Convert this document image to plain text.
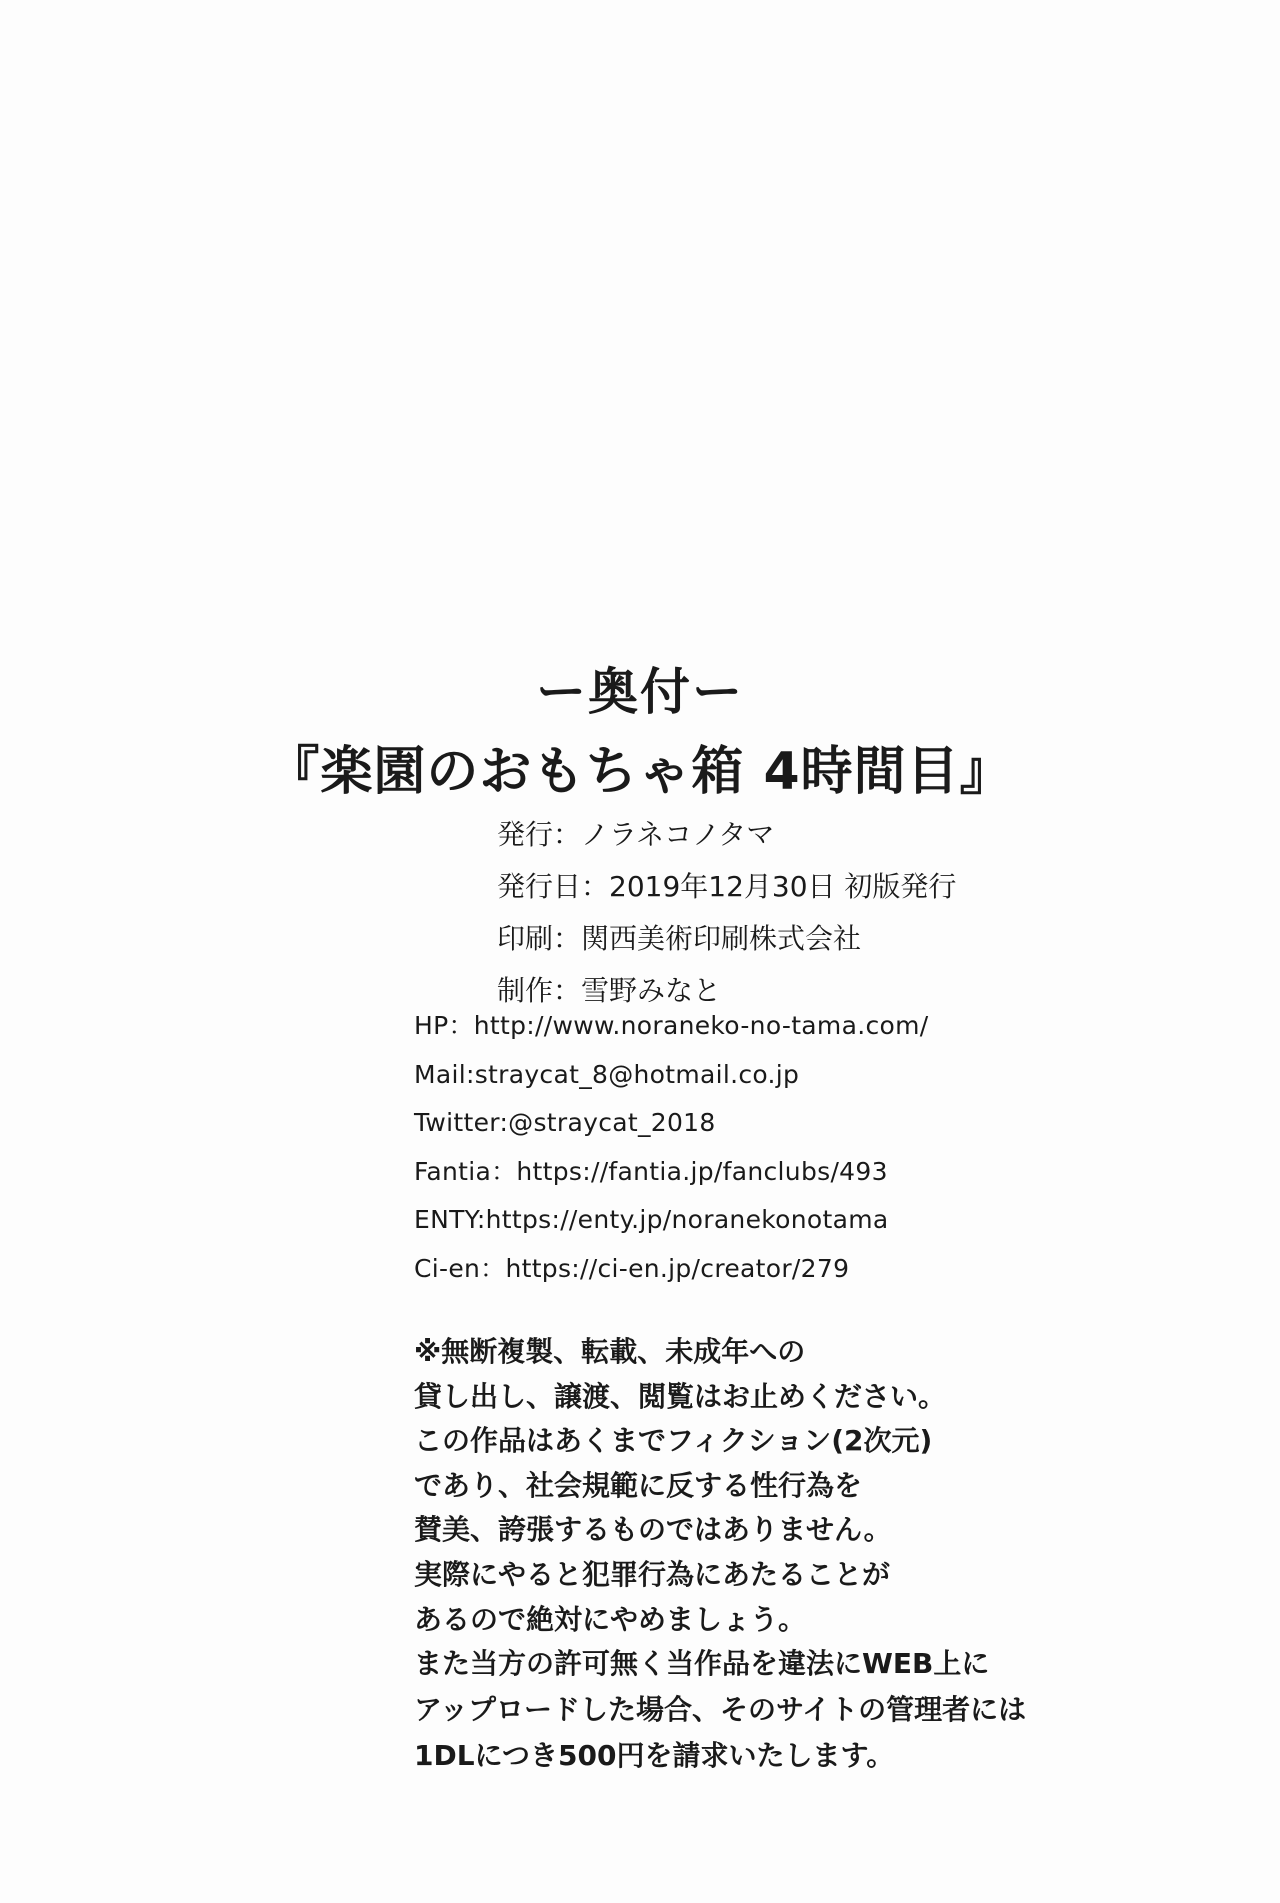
ー奥付ー
『楽園のおもちゃ箱 4時間目』
発行：ノラネコノタマ
発行日：2019年12月30日 初版発行
印刷：関西美術印刷株式会社
制作：雪野みなと
HP：http://www.noraneko-no-tama.com/
Mail:straycat_8@hotmail.co.jp
Twitter:@straycat_2018
Fantia：https://fantia.jp/fanclubs/493
ENTY:https://enty.jp/noranekonotama
Ci-en：https://ci-en.jp/creator/279
※無断複製、転載、未成年への
貸し出し、譲渡、閲覧はお止めください。
この作品はあくまでフィクション(2次元)
であり、社会規範に反する性行為を
賛美、誇張するものではありません。
実際にやると犯罪行為にあたることが
あるので絶対にやめましょう。
また当方の許可無く当作品を違法にWEB上に
アップロードした場合、そのサイトの管理者には
1DLにつき500円を請求いたします。
